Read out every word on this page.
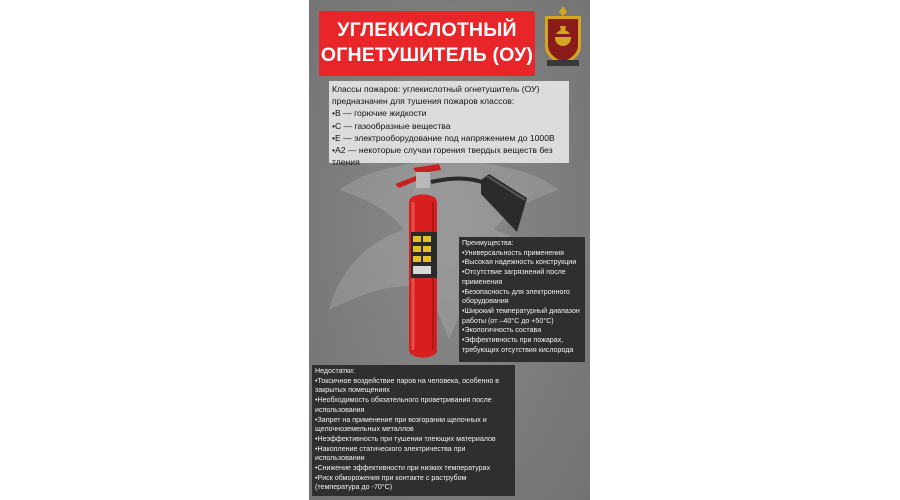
УГЛЕКИСЛОТНЫЙ
ОГНЕТУШИТЕЛЬ (ОУ)

Классы пожаров: углекислотный огнетушитель (ОУ)

предназначен для тушения пожаров классов:

•В — горючие жидкости

•С — газообразные вещества

•Е — электрооборудование под напряжением до 1000В

•А2 — некоторые случаи горения твердых веществ без тления

Преимущества:

•Универсальность применения

•Высокая надежность конструкции

•Отсутствие загрязнений после применения

•Безопасность для электронного оборудования

•Широкий температурный диапазон работы (от –40°С до +50°С)

•Экологичность состава

•Эффективность при пожарах, требующих отсутствия кислорода

Недостатки:

•Токсичное воздействие паров на человека, особенно в закрытых помещениях

•Необходимость обязательного проветривания после использования

•Запрет на применение при возгорании щелочных и щелочноземельных металлов

•Неэффективность при тушении тлеющих материалов

•Накопление статического электричества при использовании

•Снижение эффективности при низких температурах

•Риск обморожения при контакте с раструбом (температура до -70°С)
